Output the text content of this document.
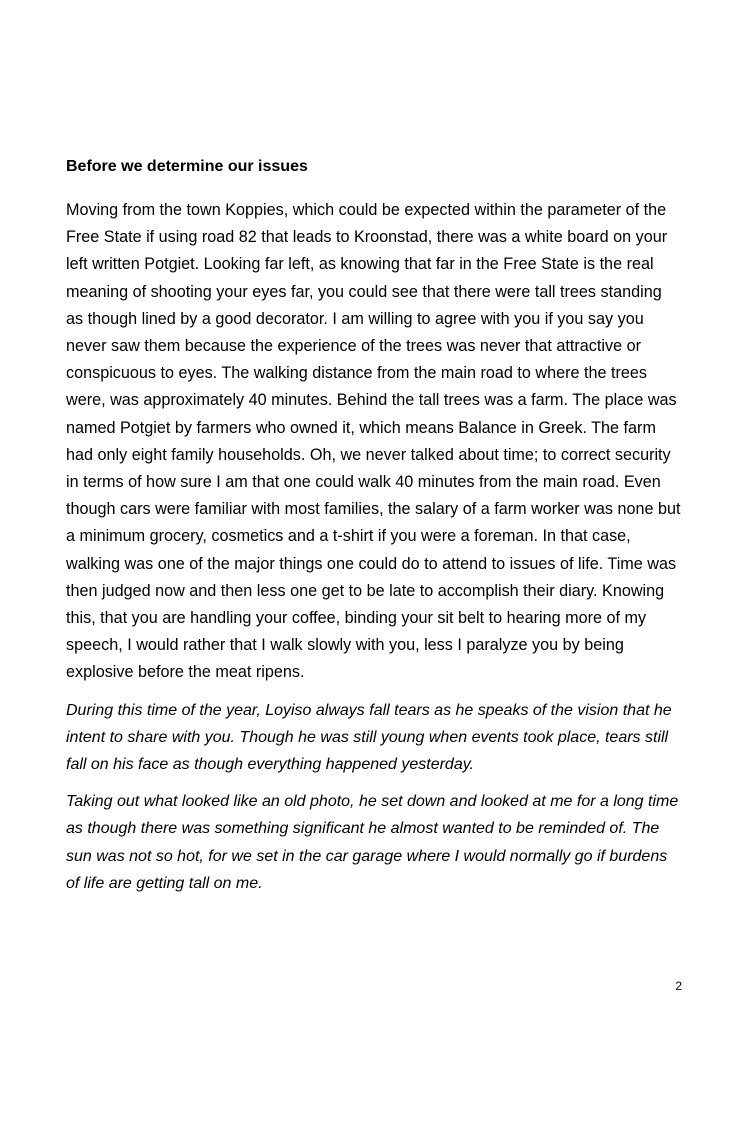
Before we determine our issues

Moving from the town Koppies, which could be expected within the parameter of the Free State if using road 82 that leads to Kroonstad, there was a white board on your left written Potgiet. Looking far left, as knowing that far in the Free State is the real meaning of shooting your eyes far, you could see that there were tall trees standing as though lined by a good decorator. I am willing to agree with you if you say you never saw them because the experience of the trees was never that attractive or conspicuous to eyes. The walking distance from the main road to where the trees were, was approximately 40 minutes. Behind the tall trees was a farm. The place was named Potgiet by farmers who owned it, which means Balance in Greek. The farm had only eight family households. Oh, we never talked about time; to correct security in terms of how sure I am that one could walk 40 minutes from the main road. Even though cars were familiar with most families, the salary of a farm worker was none but a minimum grocery, cosmetics and a t-shirt if you were a foreman. In that case, walking was one of the major things one could do to attend to issues of life. Time was then judged now and then less one get to be late to accomplish their diary. Knowing this, that you are handling your coffee, binding your sit belt to hearing more of my speech, I would rather that I walk slowly with you, less I paralyze you by being explosive before the meat ripens.

During this time of the year, Loyiso always fall tears as he speaks of the vision that he intent to share with you. Though he was still young when events took place, tears still fall on his face as though everything happened yesterday.

Taking out what looked like an old photo, he set down and looked at me for a long time as though there was something significant he almost wanted to be reminded of. The sun was not so hot, for we set in the car garage where I would normally go if burdens of life are getting tall on me.

2
